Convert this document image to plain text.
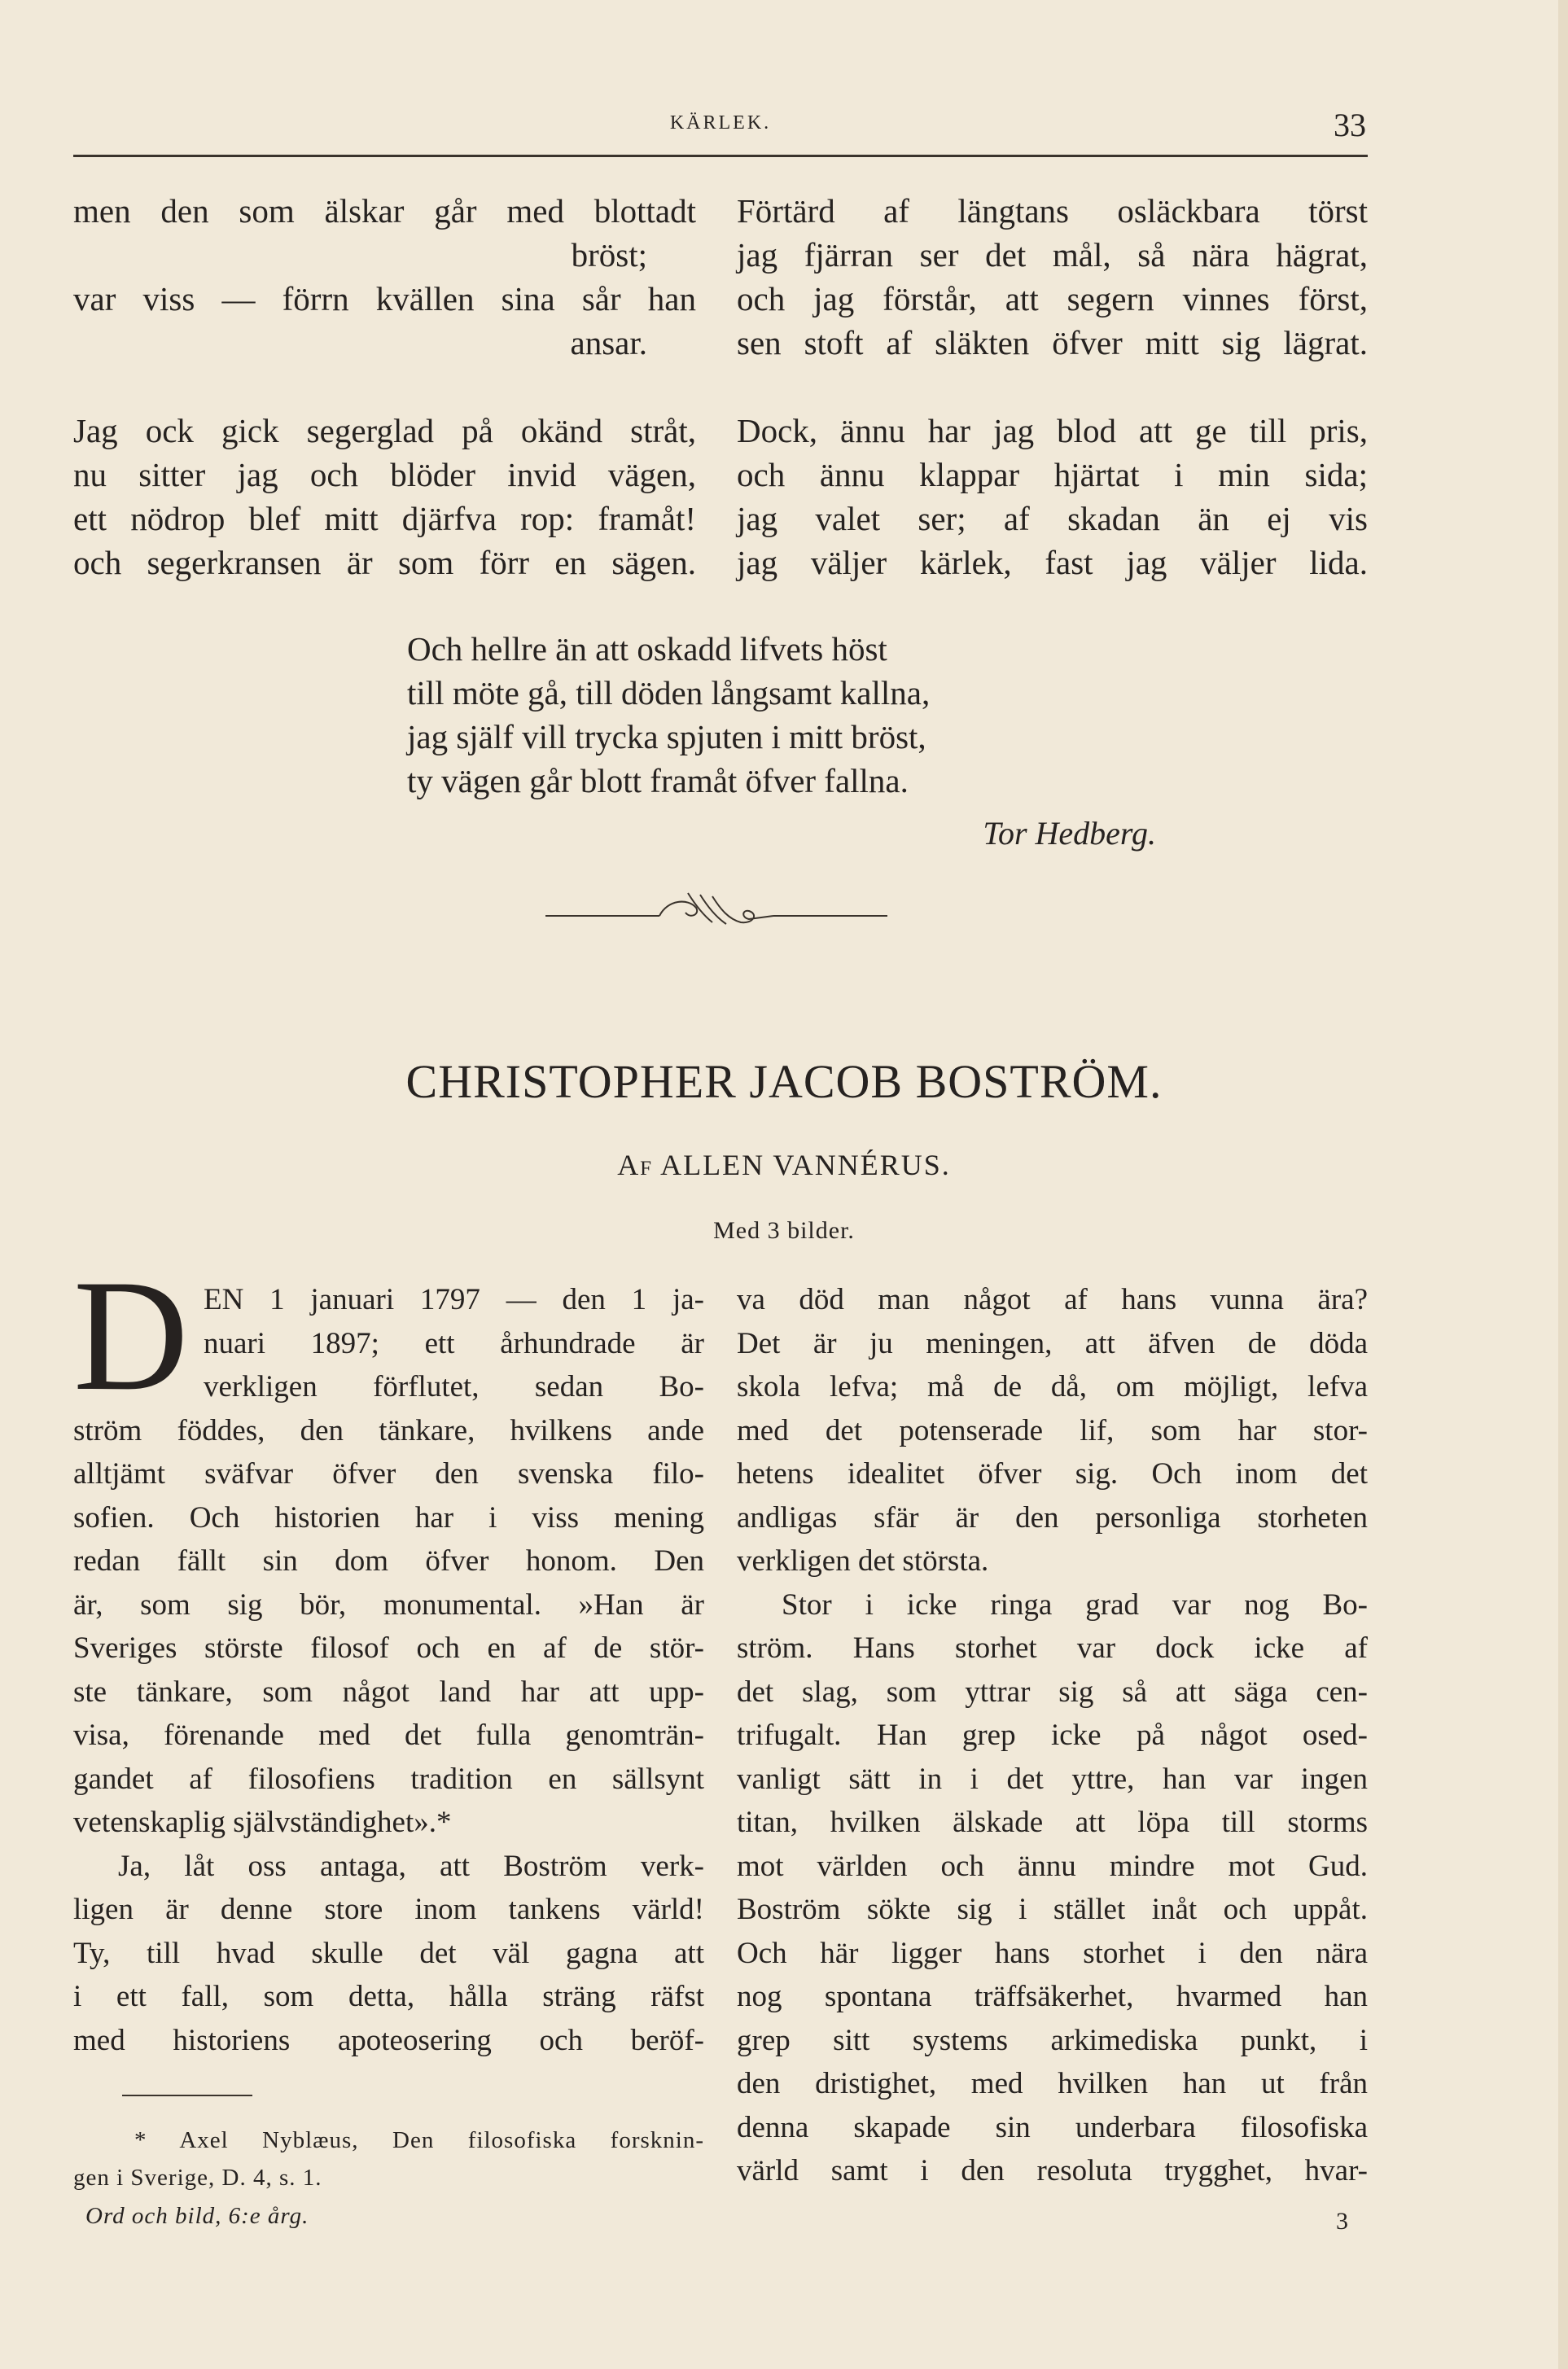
KÄRLEK.	33
men den som älskar går med blottadt
bröst;
var viss — förrn kvällen sina sår han
ansar.
Jag ock gick segerglad på okänd stråt,
nu sitter jag och blöder invid vägen,
ett nödrop blef mitt djärfva rop: framåt!
och segerkransen är som förr en sägen.
Förtärd af längtans osläckbara törst
jag fjärran ser det mål, så nära hägrat,
och jag förstår, att segern vinnes först,
sen stoft af släkten öfver mitt sig lägrat.
Dock, ännu har jag blod att ge till pris,
och ännu klappar hjärtat i min sida;
jag valet ser; af skadan än ej vis
jag väljer kärlek, fast jag väljer lida.
Och hellre än att oskadd lifvets höst
till möte gå, till döden långsamt kallna,
jag själf vill trycka spjuten i mitt bröst,
ty vägen går blott framåt öfver fallna.
Tor Hedberg.
CHRISTOPHER JACOB BOSTRÖM.
Af ALLEN VANNÉRUS.
Med 3 bilder.
D EN 1 januari 1797 — den 1 ja-
nuari 1897; ett århundrade är
verkligen förflutet, sedan Bo-
ström föddes, den tänkare, hvilkens ande
alltjämt sväfvar öfver den svenska filo-
sofien. Och historien har i viss mening
redan fällt sin dom öfver honom. Den
är, som sig bör, monumental. »Han är
Sveriges störste filosof och en af de stör-
ste tänkare, som något land har att upp-
visa, förenande med det fulla genomträn-
gandet af filosofiens tradition en sällsynt
vetenskaplig självständighet».*
Ja, låt oss antaga, att Boström verk-
ligen är denne store inom tankens värld!
Ty, till hvad skulle det väl gagna att
i ett fall, som detta, hålla sträng räfst
med historiens apoteosering och beröf-
va död man något af hans vunna ära?
Det är ju meningen, att äfven de döda
skola lefva; må de då, om möjligt, lefva
med det potenserade lif, som har stor-
hetens idealitet öfver sig. Och inom det
andligas sfär är den personliga storheten
verkligen det största.
Stor i icke ringa grad var nog Bo-
ström. Hans storhet var dock icke af
det slag, som yttrar sig så att säga cen-
trifugalt. Han grep icke på något osed-
vanligt sätt in i det yttre, han var ingen
titan, hvilken älskade att löpa till storms
mot världen och ännu mindre mot Gud.
Boström sökte sig i stället inåt och uppåt.
Och här ligger hans storhet i den nära
nog spontana träffsäkerhet, hvarmed han
grep sitt systems arkimediska punkt, i
den dristighet, med hvilken han ut från
denna skapade sin underbara filosofiska
värld samt i den resoluta trygghet, hvar-
* Axel Nyblæus, Den filosofiska forsknin-
gen i Sverige, D. 4, s. 1.
Ord och bild, 6:e årg.	3
